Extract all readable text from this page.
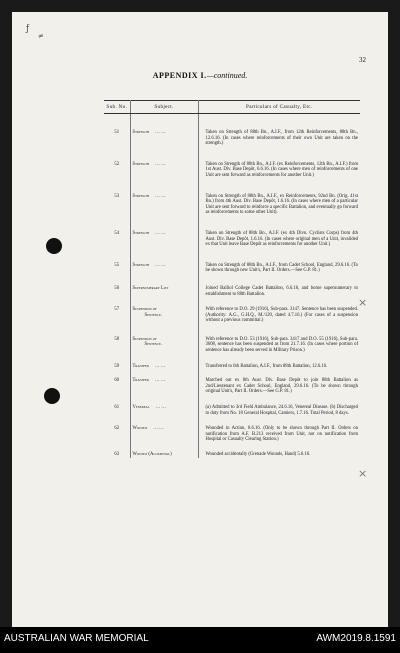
ƒ
≠
×
×
32
APPENDIX I.—continued.
Sub. No.	Subject.	Particulars of Casualty, Etc.
51	Strength … …	Taken on Strength of 88th Bn., A.I.F., from 12th Reinforcements, 88th Bn., 12.6.16. (In cases where reinforcements of their own Unit are taken on the strength.)

52	Strength … …	Taken on Strength of 88th Bn., A.I.F. (ex Reinforcements, 12th Bn., A.I.F.) from 1st Aust. Div. Base Depôt, 6.6.16. (In cases where men of reinforcements of one Unit are sent forward as reinforcements for another Unit.)

53	Strength … …	Taken on Strength of 88th Bn., A.I.F., ex Reinforcements, 92nd Bn. (Orig. 41st Bn.) from 4th Aust. Div. Base Depôt, 1.6.16. (In cases where men of a particular Unit are sent forward to reinforce a specific Battalion, and eventually go forward as reinforcements to some other Unit).

54	Strength … …	Taken on Strength of 88th Bn., A.I.F. (ex 4th Divn. Cyclists Corps) from 4th Aust. Div. Base Depôt, 1.6.16. (In cases where original men of a Unit, invalided ex that Unit leave Base Depôt as reinforcements for another Unit.)

55	Strength … …	Taken on Strength of 88th Bn., A.I.F., from Cadet School, England, 29.6.16. (To be shown through new Unit's, Part II. Orders.—See G.P. 81.)

56	Supernumerary List	Joined Balliol College Cadet Battalion, 6.6.16, and borne supernumerary to establishment to 88th Battalion.

57	Suspension of
Sentence.	With reference to D.O. 29 (1916), Sub-para. 3147. Sentence has been suspended. (Authority: A.G., G.H.Q., M./120, dated 4.7.16.) (For cases of a suspension without a previous committal.)

58	Suspension of
Sentence.	With reference to D.O. 53 (1916), Sub-para. 3417 and D.O. 55 (1916), Sub-para. 3608, sentence has been suspended as from 21.7.16. (In cases where portion of sentence has already been served in Military Prison.)

59	Transfer … …	Transferred to 6th Battalion, A.I.F., from 88th Battalion, 12.6.16.

60	Transfer … …	Marched out ex 8th Aust. Div. Base Depôt to join 88th Battalion as 2nd/Lieutenant ex Cadet School, England, 29.6.16. (To be shown through original Unit's, Part II. Orders.—See G.P. 81.)

61	Venereal … …	(a) Admitted to 3rd Field Ambulance, 24.6.16, Venereal Disease. (b) Discharged to duty from No. 18 General Hospital, Camiers, 1.7.16. Total Period, 8 days.

62	Wounds … …	Wounded in Action, 8.6.16. (Only to be shown through Part II. Orders on notification from A.F. B.213 received from Unit, not on notification from Hospital or Casualty Clearing Station.)

63	Wounds (Accidental)	Wounded accidentally (Grenade Wounds, Hand) 5.6.16.
AUSTRALIAN WAR MEMORIAL	AWM2019.8.1591
